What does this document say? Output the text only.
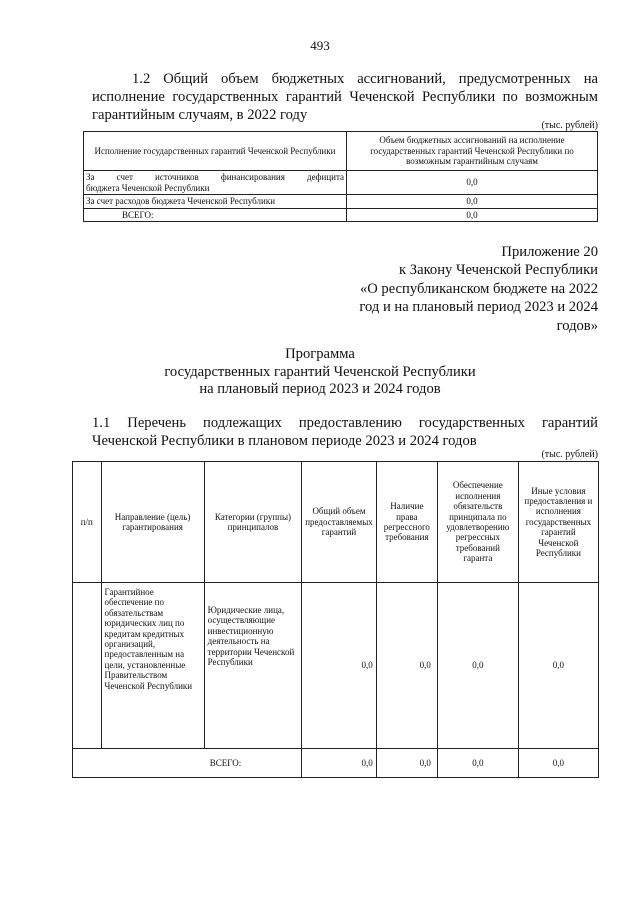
493
1.2 Общий объем бюджетных ассигнований, предусмотренных на
исполнение государственных гарантий Чеченской Республики по возможным
гарантийным случаям, в 2022 году
(тыс. рублей)
Исполнение государственных гарантий Чеченской Республики	Объем бюджетных ассигнований на исполнение государственных гарантий Чеченской Республики по возможным гарантийным случаям

За счет источников финансирования дефицита
бюджета Чеченской Республики	0,0
За счет расходов бюджета Чеченской Республики	0,0
ВСЕГО:	0,0
Приложение 20
к Закону Чеченской Республики
«О республиканском бюджете на 2022
год и на плановый период 2023 и 2024
годов»
Программа
государственных гарантий Чеченской Республики
на плановый период 2023 и 2024 годов
1.1 Перечень подлежащих предоставлению государственных гарантий
Чеченской Республики в плановом периоде 2023 и 2024 годов
(тыс. рублей)
п/п	Направление (цель) гарантирования	Категории (группы) принципалов	Общий объем предоставляемых гарантий	Наличие права регрессного требования	Обеспечение исполнения обязательств принципала по удовлетворению регрессных требований гаранта	Иные условия предоставления и исполнения государственных гарантий Чеченской Республики
	Гарантийное обеспечение по обязательствам юридических лиц по кредитам кредитных организаций, предоставленным на цели, установленные Правительством Чеченской Республики	Юридические лица, осуществляющие инвестиционную деятельность на территории Чеченской Республики	0,0	0,0	0,0	0,0
ВСЕГО:			0,0	0,0	0,0	0,0
